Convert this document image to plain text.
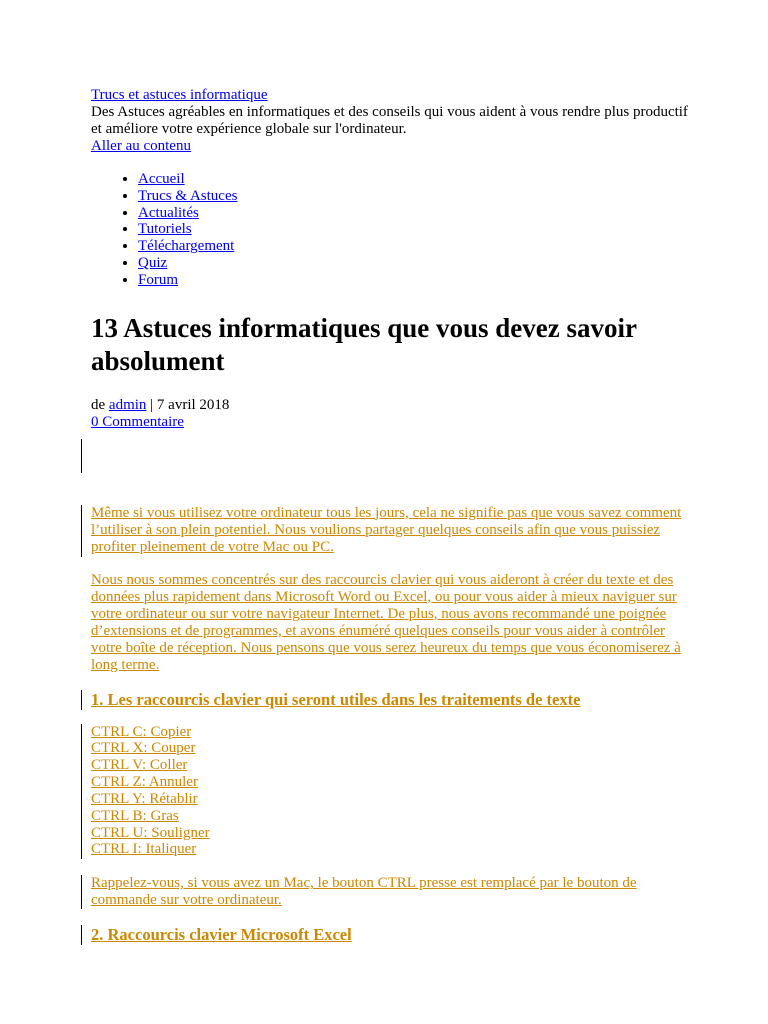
Trucs et astuces informatique

Des Astuces agréables en informatiques et des conseils qui vous aident à vous rendre plus productif et améliore votre expérience globale sur l'ordinateur.

Aller au contenu
• Accueil
• Trucs & Astuces
• Actualités
• Tutoriels
• Téléchargement
• Quiz
• Forum
13 Astuces informatiques que vous devez savoir absolument
de admin | 7 avril 2018
0 Commentaire

Même si vous utilisez votre ordinateur tous les jours, cela ne signifie pas que vous savez comment l’utiliser à son plein potentiel. Nous voulions partager quelques conseils afin que vous puissiez profiter pleinement de votre Mac ou PC.

Nous nous sommes concentrés sur des raccourcis clavier qui vous aideront à créer du texte et des données plus rapidement dans Microsoft Word ou Excel, ou pour vous aider à mieux naviguer sur votre ordinateur ou sur votre navigateur Internet. De plus, nous avons recommandé une poignée d’extensions et de programmes, et avons énuméré quelques conseils pour vous aider à contrôler votre boîte de réception. Nous pensons que vous serez heureux du temps que vous économiserez à long terme.

1. Les raccourcis clavier qui seront utiles dans les traitements de texte
CTRL C: Copier
CTRL X: Couper
CTRL V: Coller
CTRL Z: Annuler
CTRL Y: Rétablir
CTRL B: Gras
CTRL U: Souligner
CTRL I: Italiquer

Rappelez-vous, si vous avez un Mac, le bouton CTRL presse est remplacé par le bouton de commande sur votre ordinateur.

2. Raccourcis clavier Microsoft Excel
